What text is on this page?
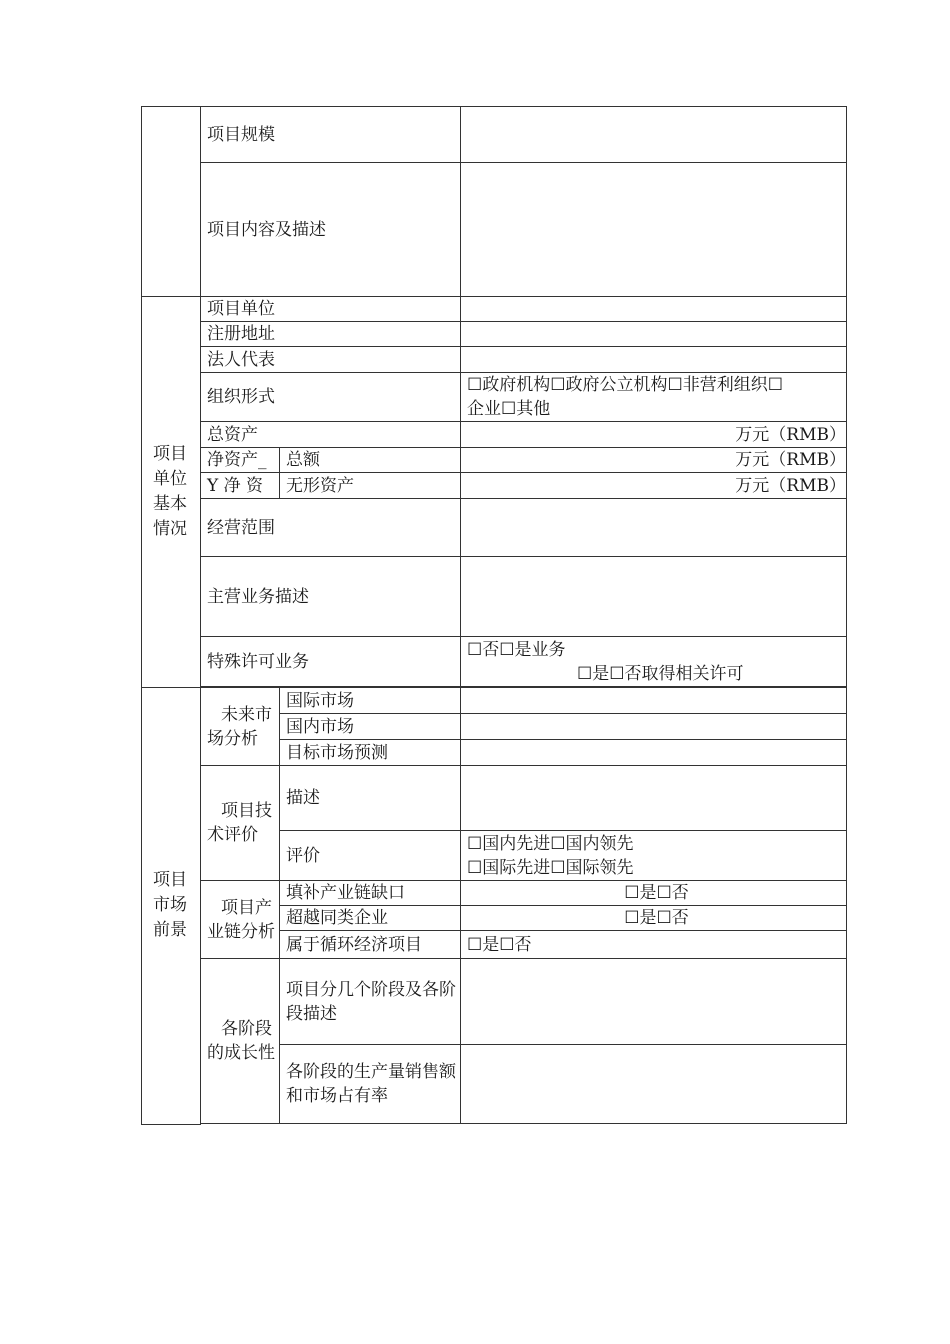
	项目规模		
	项目内容及描述		
项目单位基本情况	项目单位		
	注册地址		
	法人代表		
	组织形式		☐政府机构☐政府公立机构☐非营利组织☐
企业☐其他

	总资产		万元（RMB）
	净资产_	总额	万元（RMB）
	Y 净 资	无形资产	万元（RMB）
	经营范围		
	主营业务描述		
	特殊许可业务		☐否☐是业务
☐是☐否取得相关许可

项目市场前景	未来市场分析	国际市场	
		国内市场	
		目标市场预测	
	项目技术评价	描述	
		评价	☐国内先进☐国内领先
☐国际先进☐国际领先

	项目产业链分析	填补产业链缺口	☐是☐否
		超越同类企业	☐是☐否
		属于循环经济项目	☐是☐否
	各阶段的成长性	项目分几个阶段及各阶段描述	
		各阶段的生产量销售额和市场占有率	
